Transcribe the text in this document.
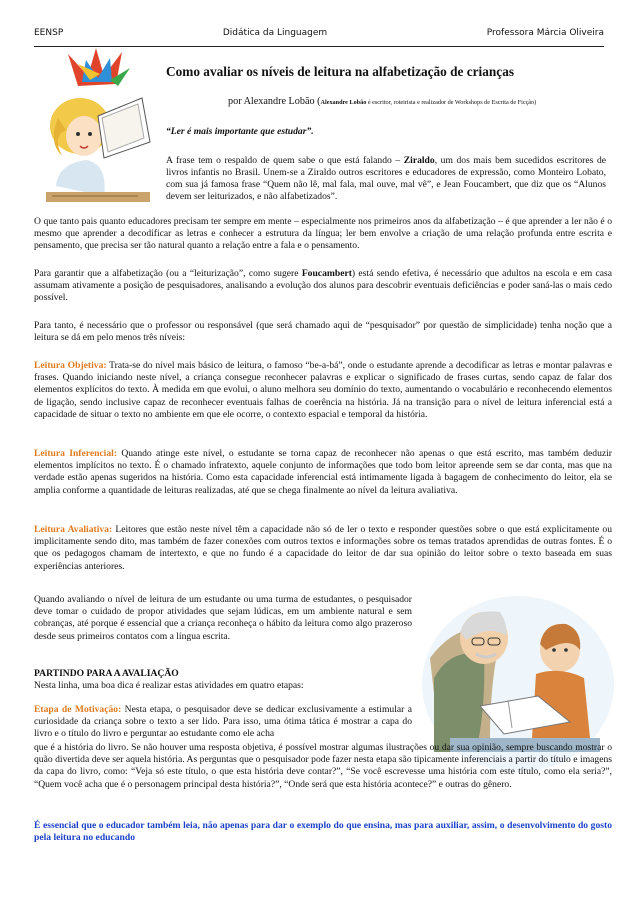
EENSP	Didática da Linguagem	Professora Márcia Oliveira
Como avaliar os níveis de leitura na alfabetização de crianças
por Alexandre Lobão (Alexandre Lobão é escritor, roteirista e realizador de Workshops de Escrita de Ficção)
“Ler é mais importante que estudar”.
A frase tem o respaldo de quem sabe o que está falando – Ziraldo, um dos mais bem sucedidos escritores de livros infantis no Brasil. Unem-se a Ziraldo outros escritores e educadores de expressão, como Monteiro Lobato, com sua já famosa frase “Quem não lê, mal fala, mal ouve, mal vê”, e Jean Foucambert, que diz que os “Alunos devem ser leiturizados, e não alfabetizados”.

O que tanto pais quanto educadores precisam ter sempre em mente – especialmente nos primeiros anos da alfabetização – é que aprender a ler não é o mesmo que aprender a decodificar as letras e conhecer a estrutura da língua; ler bem envolve a criação de uma relação profunda entre escrita e pensamento, que precisa ser tão natural quanto a relação entre a fala e o pensamento.

Para garantir que a alfabetização (ou a “leiturização”, como sugere Foucambert) está sendo efetiva, é necessário que adultos na escola e em casa assumam ativamente a posição de pesquisadores, analisando a evolução dos alunos para descobrir eventuais deficiências e poder saná-las o mais cedo possível.

Para tanto, é necessário que o professor ou responsável (que será chamado aqui de “pesquisador” por questão de simplicidade) tenha noção que a leitura se dá em pelo menos três níveis:

Leitura Objetiva: Trata-se do nível mais básico de leitura, o famoso “be-a-bá”, onde o estudante aprende a decodificar as letras e montar palavras e frases. Quando iniciando neste nível, a criança consegue reconhecer palavras e explicar o significado de frases curtas, sendo capaz de falar dos elementos explícitos do texto. À medida em que evolui, o aluno melhora seu domínio do texto, aumentando o vocabulário e reconhecendo elementos de ligação, sendo inclusive capaz de reconhecer eventuais falhas de coerência na história. Já na transição para o nível de leitura inferencial está a capacidade de situar o texto no ambiente em que ele ocorre, o contexto espacial e temporal da história.

Leitura Inferencial: Quando atinge este nível, o estudante se torna capaz de reconhecer não apenas o que está escrito, mas também deduzir elementos implícitos no texto. É o chamado infratexto, aquele conjunto de informações que todo bom leitor apreende sem se dar conta, mas que na verdade estão apenas sugeridos na história. Como esta capacidade inferencial está intimamente ligada à bagagem de conhecimento do leitor, ela se amplia conforme a quantidade de leituras realizadas, até que se chega finalmente ao nível da leitura avaliativa.

Leitura Avaliativa: Leitores que estão neste nível têm a capacidade não só de ler o texto e responder questões sobre o que está explicitamente ou implicitamente sendo dito, mas também de fazer conexões com outros textos e informações sobre os temas tratados aprendidas de outras fontes. É o que os pedagogos chamam de intertexto, e que no fundo é a capacidade do leitor de dar sua opinião do leitor sobre o texto baseada em suas experiências anteriores.

Quando avaliando o nível de leitura de um estudante ou uma turma de estudantes, o pesquisador deve tomar o cuidado de propor atividades que sejam lúdicas, em um ambiente natural e sem cobranças, até porque é essencial que a criança reconheça o hábito da leitura como algo prazeroso desde seus primeiros contatos com a língua escrita.

PARTINDO PARA A AVALIAÇÃO
Nesta linha, uma boa dica é realizar estas atividades em quatro etapas:

Etapa de Motivação: Nesta etapa, o pesquisador deve se dedicar exclusivamente a estimular a curiosidade da criança sobre o texto a ser lido. Para isso, uma ótima tática é mostrar a capa do livro e o título do livro e perguntar ao estudante como ele acha

que é a história do livro. Se não houver uma resposta objetiva, é possível mostrar algumas ilustrações ou dar sua opinião, sempre buscando mostrar o quão divertida deve ser aquela história. As perguntas que o pesquisador pode fazer nesta etapa são tipicamente inferenciais a partir do título e imagens da capa do livro, como: “Veja só este título, o que esta história deve contar?”, “Se você escrevesse uma história com este título, como ela seria?”, “Quem você acha que é o personagem principal desta história?”, “Onde será que esta história acontece?” e outras do gênero.

É essencial que o educador também leia, não apenas para dar o exemplo do que ensina, mas para auxiliar, assim, o desenvolvimento do gosto pela leitura no educando
